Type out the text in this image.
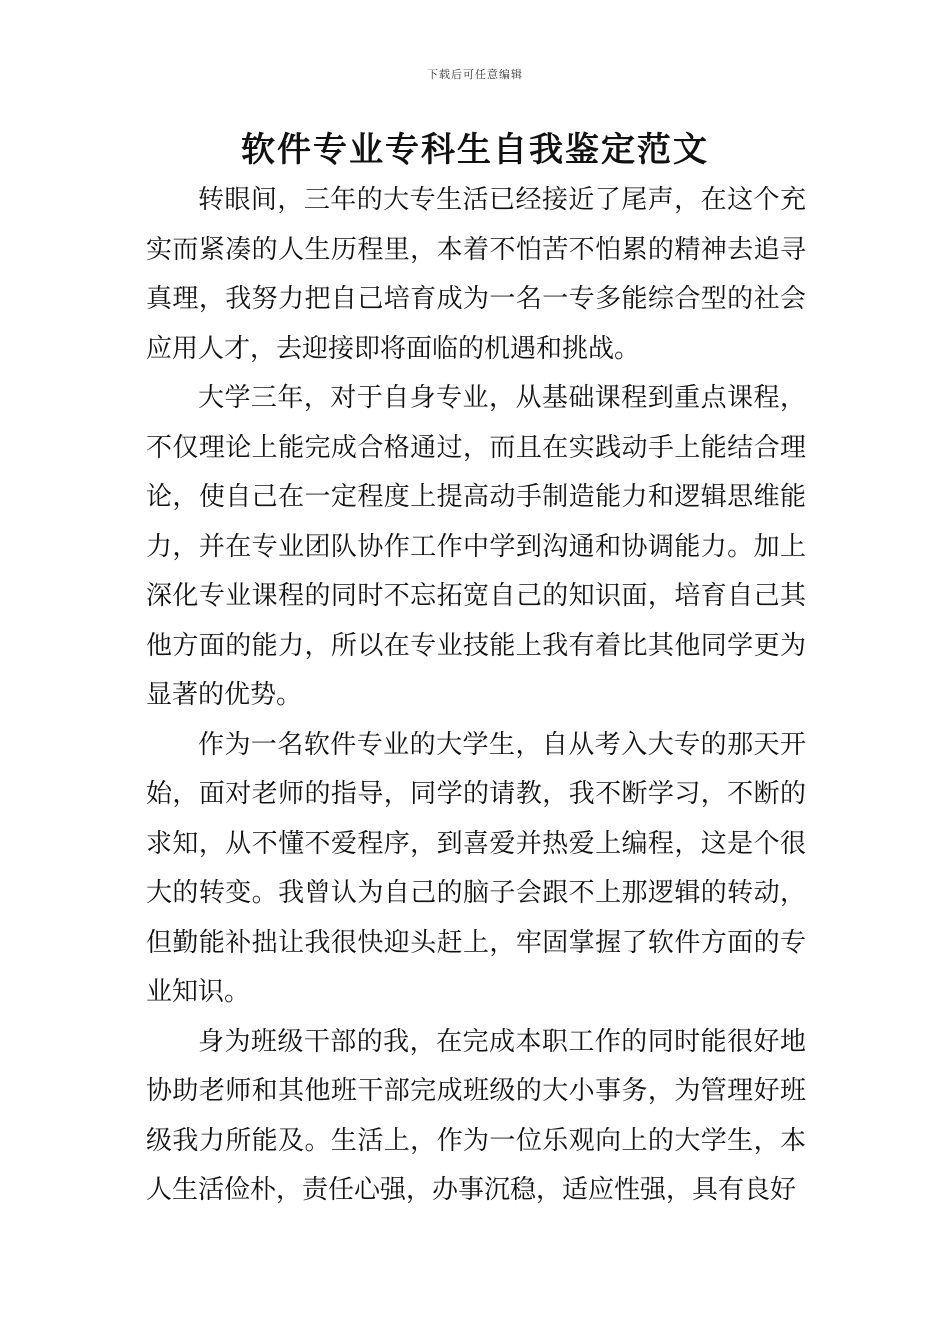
下载后可任意编辑
软件专业专科生自我鉴定范文

转眼间，三年的大专生活已经接近了尾声，在这个充实而紧凑的人生历程里，本着不怕苦不怕累的精神去追寻真理，我努力把自己培育成为一名一专多能综合型的社会应用人才，去迎接即将面临的机遇和挑战。

大学三年，对于自身专业，从基础课程到重点课程，不仅理论上能完成合格通过，而且在实践动手上能结合理论，使自己在一定程度上提高动手制造能力和逻辑思维能力，并在专业团队协作工作中学到沟通和协调能力。加上深化专业课程的同时不忘拓宽自己的知识面，培育自己其他方面的能力，所以在专业技能上我有着比其他同学更为显著的优势。

作为一名软件专业的大学生，自从考入大专的那天开始，面对老师的指导，同学的请教，我不断学习，不断的求知，从不懂不爱程序，到喜爱并热爱上编程，这是个很大的转变。我曾认为自己的脑子会跟不上那逻辑的转动，但勤能补拙让我很快迎头赶上，牢固掌握了软件方面的专业知识。

身为班级干部的我，在完成本职工作的同时能很好地协助老师和其他班干部完成班级的大小事务，为管理好班级我力所能及。生活上，作为一位乐观向上的大学生，本人生活俭朴，责任心强，办事沉稳，适应性强，具有良好
